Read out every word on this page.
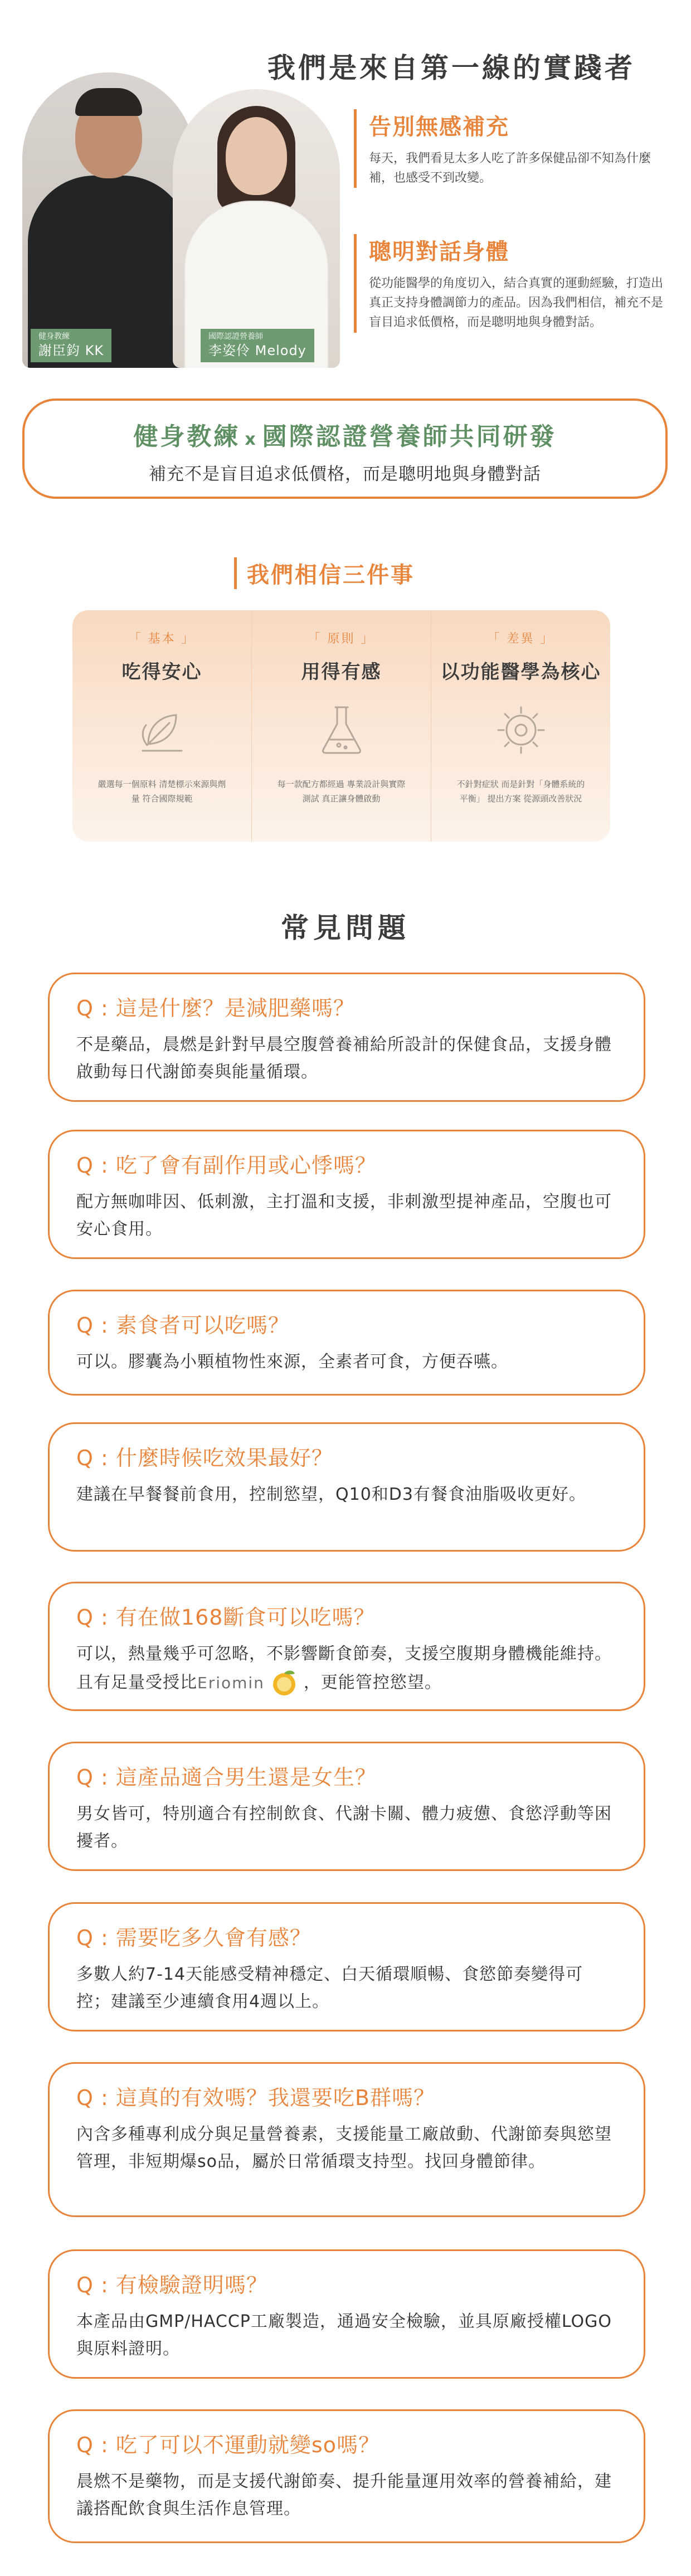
我們是來自第一線的實踐者
健身教練
謝臣鈞 KK
國際認證營養師
李姿伶 Melody
告別無感補充

每天，我們看見太多人吃了許多保健品卻不知為什麼補，也感受不到改變。

聰明對話身體

從功能醫學的角度切入，結合真實的運動經驗，打造出真正支持身體調節力的產品。因為我們相信，補充不是盲目追求低價格，而是聰明地與身體對話。

健身教練 x 國際認證營養師共同研發
補充不是盲目追求低價格，而是聰明地與身體對話
我們相信三件事
「 基本 」
吃得安心
嚴選每一個原料 清楚標示來源與劑量 符合國際規範
「 原則 」
用得有感
每一款配方都經過 專業設計與實際測試 真正讓身體啟動
「 差異 」
以功能醫學為核心
不針對症狀 而是針對「身體系統的平衡」 提出方案 從源頭改善狀況
常見問題
Q : 這是什麼？是減肥藥嗎？
不是藥品，晨燃是針對早晨空腹營養補給所設計的保健食品，支援身體啟動每日代謝節奏與能量循環。
Q : 吃了會有副作用或心悸嗎？
配方無咖啡因、低刺激，主打溫和支援，非刺激型提神產品，空腹也可安心食用。
Q : 素食者可以吃嗎？
可以。膠囊為小顆植物性來源，全素者可食，方便吞嚥。
Q : 什麼時候吃效果最好？
建議在早餐餐前食用，控制慾望，Q10和D3有餐食油脂吸收更好。
Q : 有在做168斷食可以吃嗎？
可以，熱量幾乎可忽略，不影響斷食節奏，支援空腹期身體機能維持。且有足量受授比Eriomin ，更能管控慾望。
Q : 這產品適合男生還是女生？
男女皆可，特別適合有控制飲食、代謝卡關、體力疲憊、食慾浮動等困擾者。
Q : 需要吃多久會有感？
多數人約7-14天能感受精神穩定、白天循環順暢、食慾節奏變得可控；建議至少連續食用4週以上。
Q : 這真的有效嗎？我還要吃B群嗎？
內含多種專利成分與足量營養素，支援能量工廠啟動、代謝節奏與慾望管理，非短期爆so品，屬於日常循環支持型。找回身體節律。
Q : 有檢驗證明嗎？
本產品由GMP/HACCP工廠製造，通過安全檢驗，並具原廠授權LOGO與原料證明。
Q : 吃了可以不運動就變so嗎？
晨燃不是藥物，而是支援代謝節奏、提升能量運用效率的營養補給，建議搭配飲食與生活作息管理。
